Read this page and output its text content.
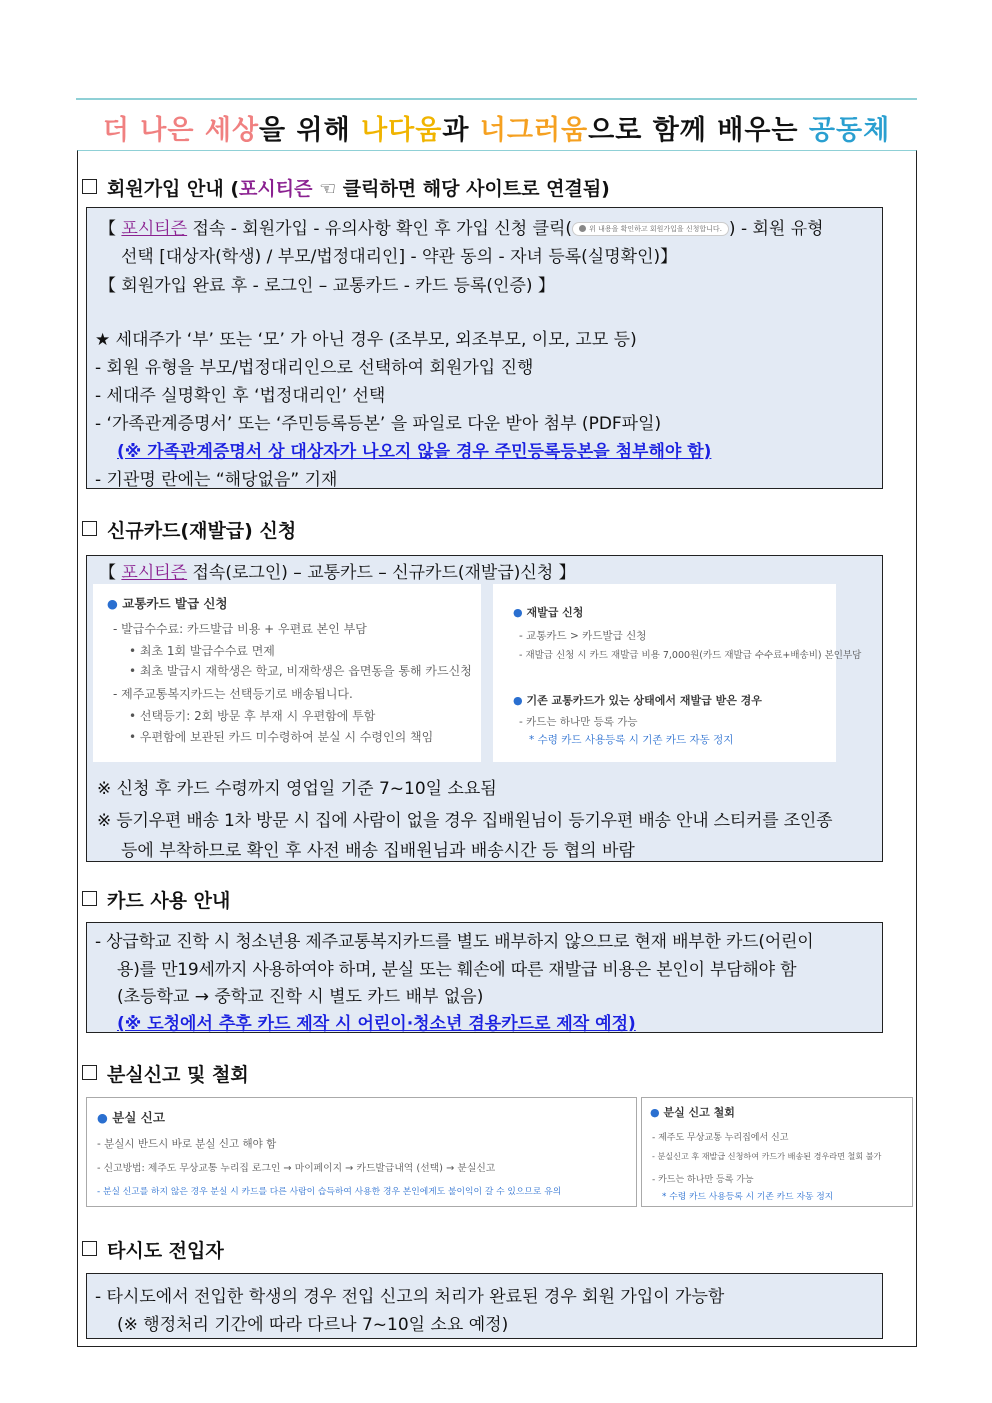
더 나은 세상을 위해 나다움과 너그러움으로 함께 배우는 공동체
회원가입 안내 (포시티즌 ☜ 클릭하면 해당 사이트로 연결됨)
【 포시티즌 접속 - 회원가입 - 유의사항 확인 후 가입 신청 클릭( 위 내용을 확인하고 회원가입을 신청합니다. ) - 회원 유형
선택 [대상자(학생) / 부모/법정대리인] - 약관 동의 - 자녀 등록(실명확인)】
【 회원가입 완료 후 - 로그인 – 교통카드 - 카드 등록(인증) 】
★ 세대주가 ‘부’ 또는 ‘모’ 가 아닌 경우 (조부모, 외조부모, 이모, 고모 등)
- 회원 유형을 부모/법정대리인으로 선택하여 회원가입 진행
- 세대주 실명확인 후 ‘법정대리인’ 선택
- ‘가족관계증명서’ 또는 ‘주민등록등본’ 을 파일로 다운 받아 첨부 (PDF파일)
(※ 가족관계증명서 상 대상자가 나오지 않을 경우 주민등록등본을 첨부해야 함)
- 기관명 란에는 “해당없음” 기재
신규카드(재발급) 신청
【 포시티즌 접속(로그인) – 교통카드 – 신규카드(재발급)신청 】
● 교통카드 발급 신청
- 발급수수료: 카드발급 비용 + 우편료 본인 부담
• 최초 1회 발급수수료 면제
• 최초 발급시 재학생은 학교, 비재학생은 읍면동을 통해 카드신청
- 제주교통복지카드는 선택등기로 배송됩니다.
• 선택등기: 2회 방문 후 부재 시 우편함에 투함
• 우편함에 보관된 카드 미수령하여 분실 시 수령인의 책임
● 재발급 신청
- 교통카드 > 카드발급 신청
- 재발급 신청 시 카드 재발급 비용 7,000원(카드 재발급 수수료+배송비) 본인부담
● 기존 교통카드가 있는 상태에서 재발급 받은 경우
- 카드는 하나만 등록 가능
* 수령 카드 사용등록 시 기존 카드 자동 정지
※ 신청 후 카드 수령까지 영업일 기준 7~10일 소요됨
※ 등기우편 배송 1차 방문 시 집에 사람이 없을 경우 집배원님이 등기우편 배송 안내 스티커를 조인종
등에 부착하므로 확인 후 사전 배송 집배원님과 배송시간 등 협의 바람
카드 사용 안내
- 상급학교 진학 시 청소년용 제주교통복지카드를 별도 배부하지 않으므로 현재 배부한 카드(어린이
용)를 만19세까지 사용하여야 하며, 분실 또는 훼손에 따른 재발급 비용은 본인이 부담해야 함
(초등학교 → 중학교 진학 시 별도 카드 배부 없음)
(※ 도청에서 추후 카드 제작 시 어린이·청소년 겸용카드로 제작 예정)
분실신고 및 철회
● 분실 신고
- 분실시 반드시 바로 분실 신고 해야 함
- 신고방법: 제주도 무상교통 누리집 로그인 → 마이페이지 → 카드발급내역 (선택) → 분실신고
- 분실 신고를 하지 않은 경우 분실 시 카드를 다른 사람이 습득하여 사용한 경우 본인에게도 불이익이 갈 수 있으므로 유의
● 분실 신고 철회
- 제주도 무상교통 누리집에서 신고
- 분실신고 후 재발급 신청하여 카드가 배송된 경우라면 철회 불가
- 카드는 하나만 등록 가능
* 수령 카드 사용등록 시 기존 카드 자동 정지
타시도 전입자
- 타시도에서 전입한 학생의 경우 전입 신고의 처리가 완료된 경우 회원 가입이 가능함
(※ 행정처리 기간에 따라 다르나 7~10일 소요 예정)
